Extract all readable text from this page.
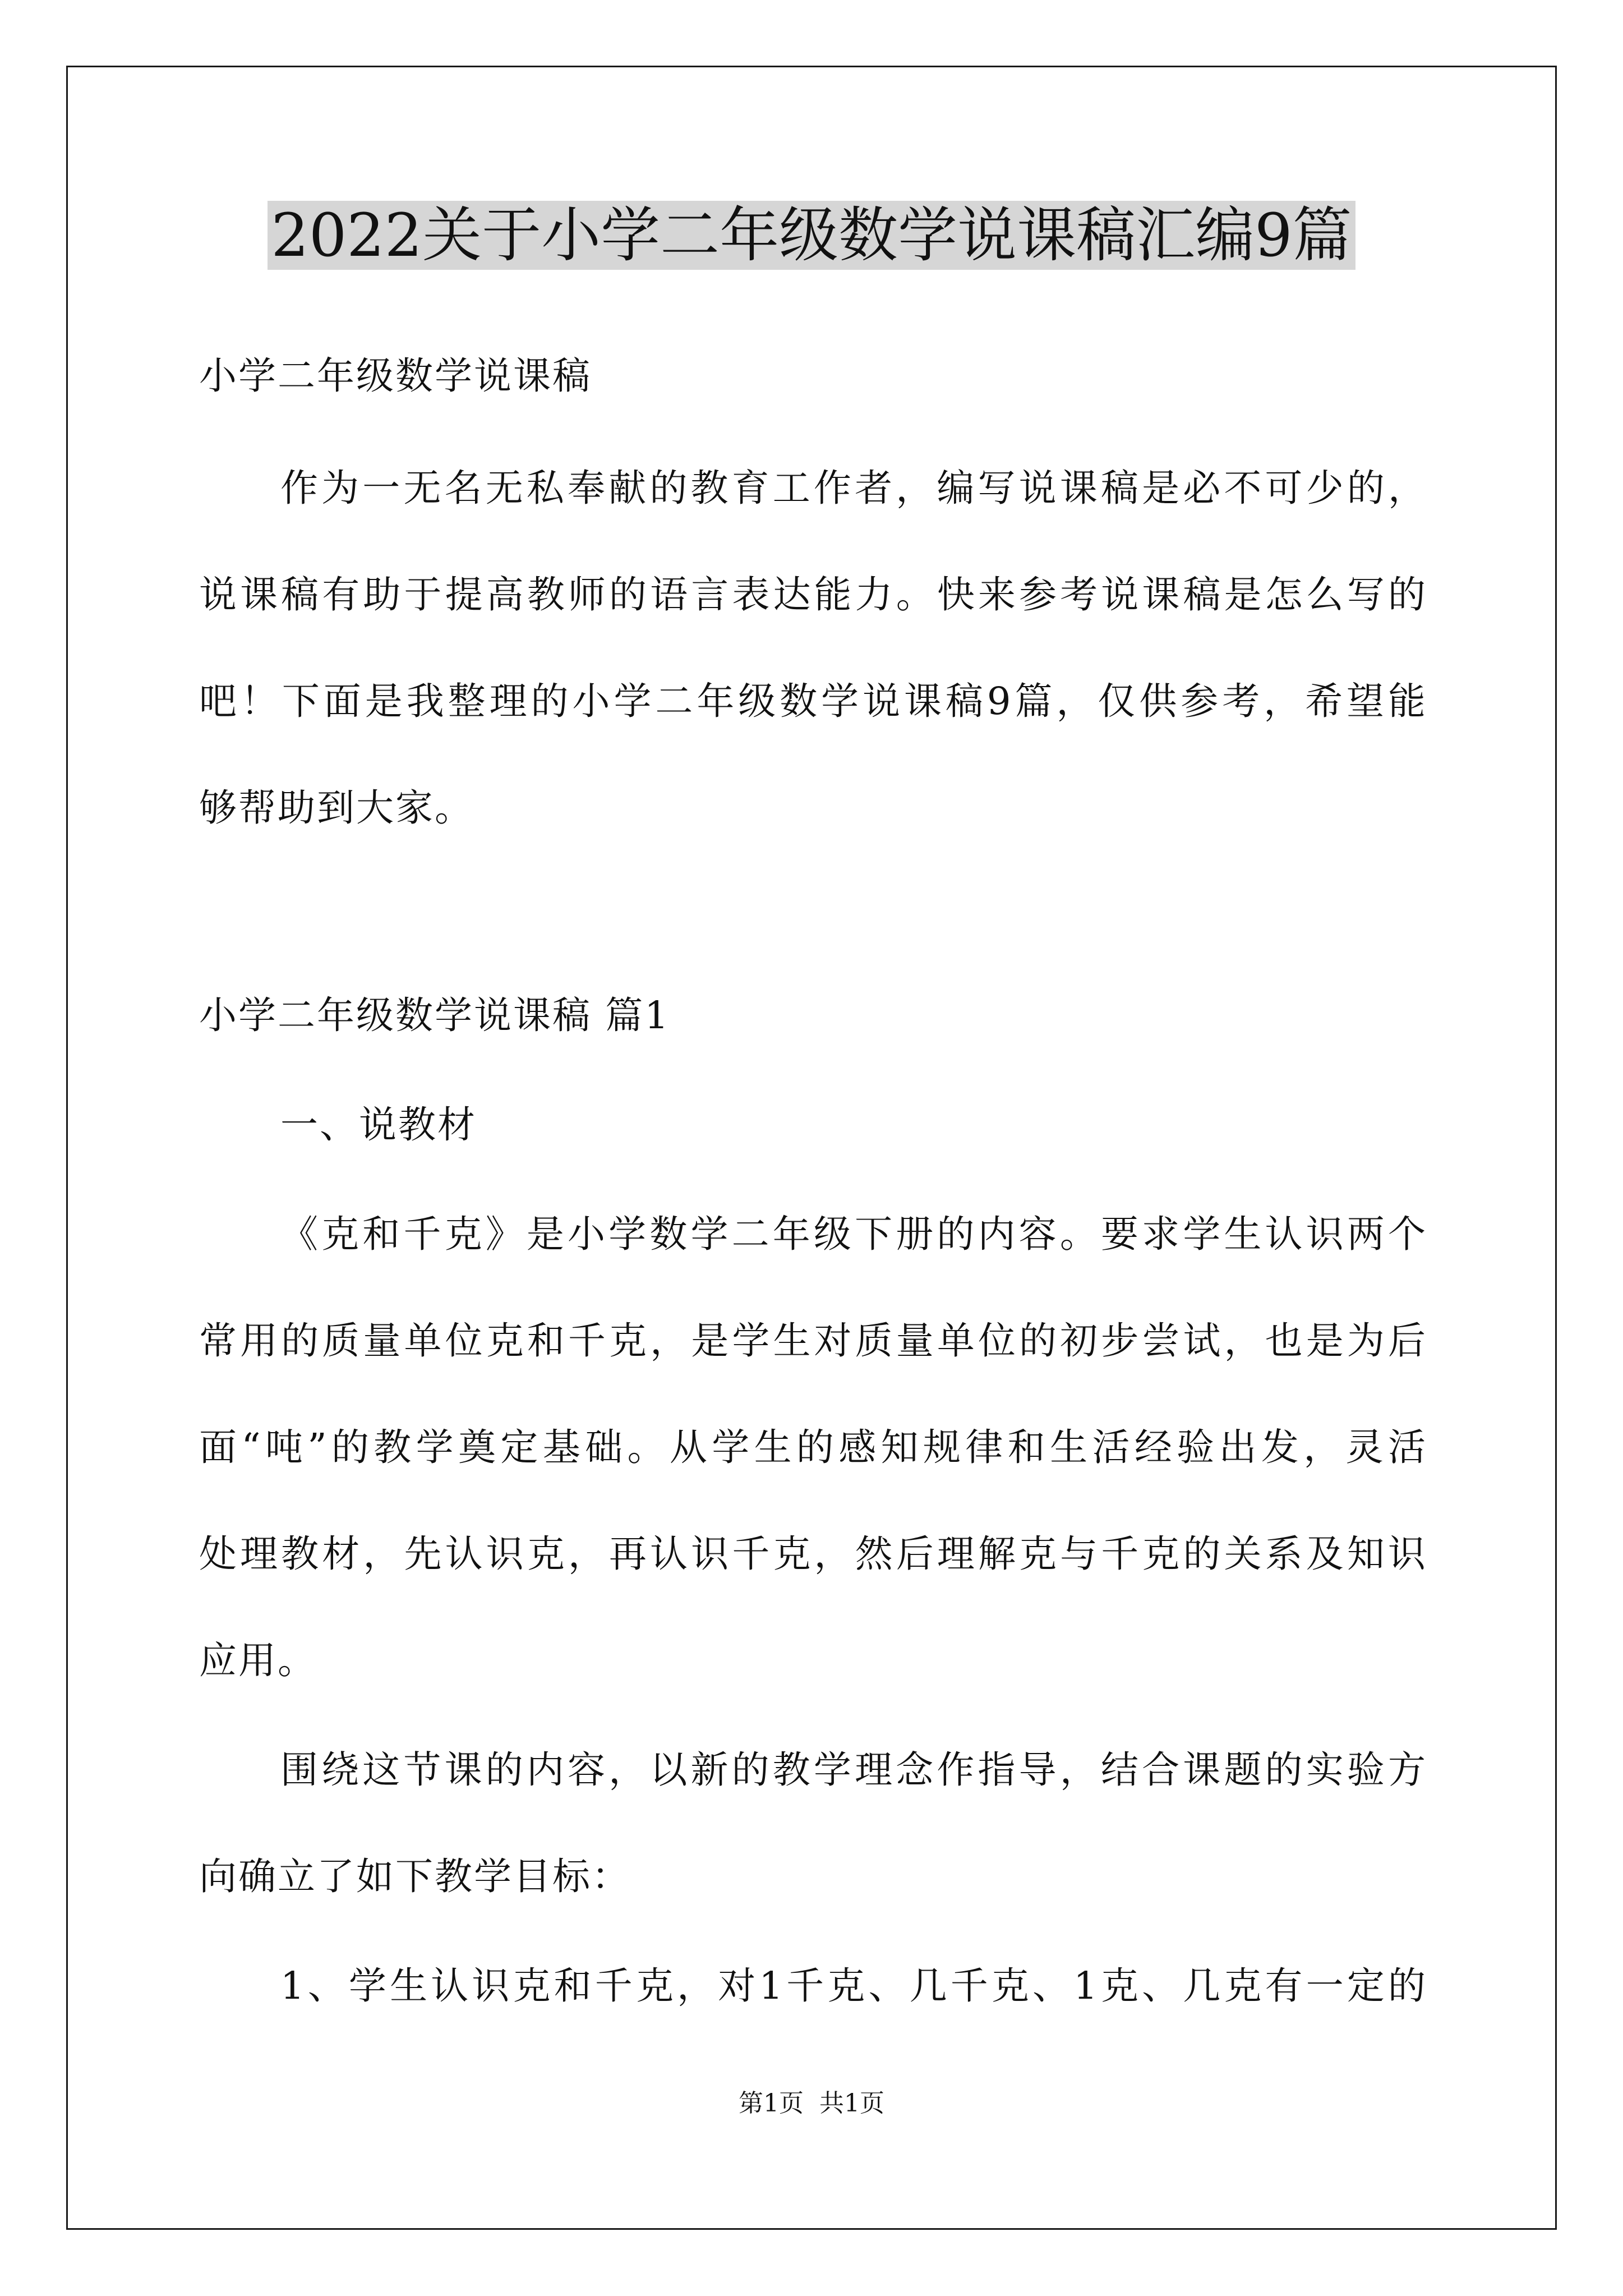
2022关于小学二年级数学说课稿汇编9篇
小学二年级数学说课稿
作为一无名无私奉献的教育工作者，编写说课稿是必不可少的，
说课稿有助于提高教师的语言表达能力。快来参考说课稿是怎么写的
吧！下面是我整理的小学二年级数学说课稿9篇，仅供参考，希望能
够帮助到大家。
小学二年级数学说课稿 篇1
一、说教材
《克和千克》是小学数学二年级下册的内容。要求学生认识两个
常用的质量单位克和千克，是学生对质量单位的初步尝试，也是为后
面“吨”的教学奠定基础。从学生的感知规律和生活经验出发，灵活
处理教材，先认识克，再认识千克，然后理解克与千克的关系及知识
应用。
围绕这节课的内容，以新的教学理念作指导，结合课题的实验方
向确立了如下教学目标：
1、学生认识克和千克，对1千克、几千克、1克、几克有一定的
第1页 共1页
